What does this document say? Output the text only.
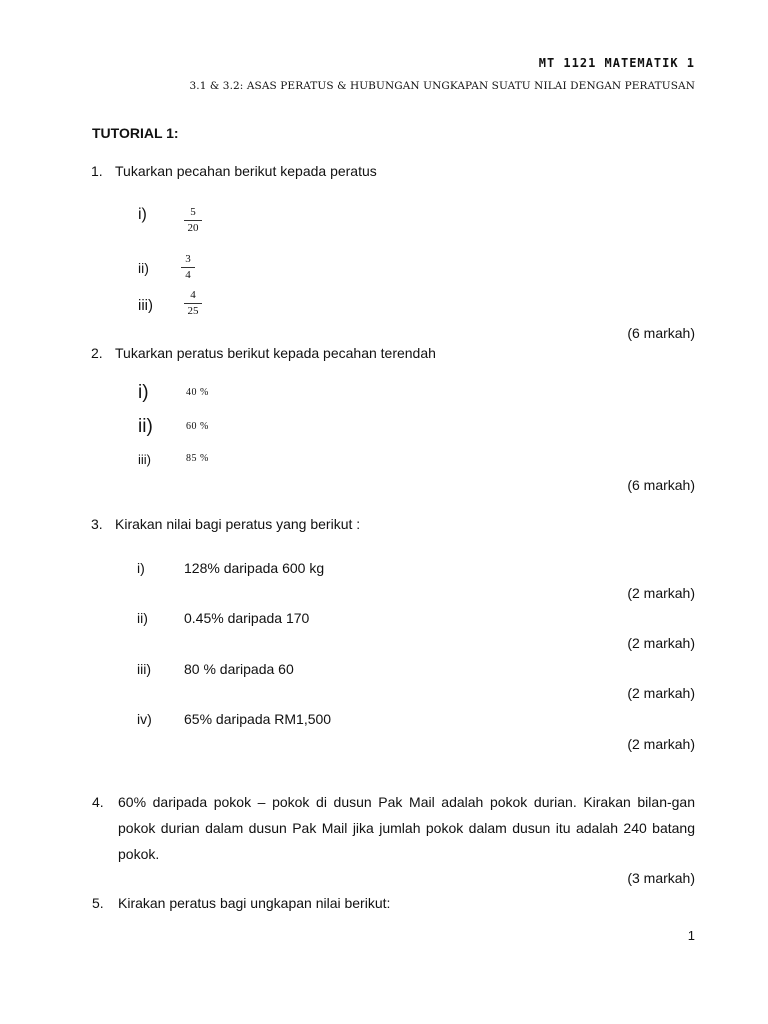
MT 1121 MATEMATIK 1
3.1 & 3.2: ASAS PERATUS & HUBUNGAN UNGKAPAN SUATU NILAI DENGAN PERATUSAN
TUTORIAL 1:
1. Tukarkan pecahan berikut kepada peratus
i)	5
20
ii)
3
4
iii)
4
25
(6 markah)
2. Tukarkan peratus berikut kepada pecahan terendah
i)	40 %
ii)	60 %
iii)	85 %
(6 markah)
3. Kirakan nilai bagi peratus yang berikut :
i)	128% daripada 600 kg
(2 markah)
ii)	0.45% daripada 170
(2 markah)
iii) 80 % daripada 60
(2 markah)
iv) 65% daripada RM1,500
(2 markah)
4. 60% daripada pokok – pokok di dusun Pak Mail adalah pokok durian. Kirakan bilan-gan pokok durian dalam dusun Pak Mail jika jumlah pokok dalam dusun itu adalah 240 batang pokok.
(3 markah)
5. Kirakan peratus bagi ungkapan nilai berikut:
1
